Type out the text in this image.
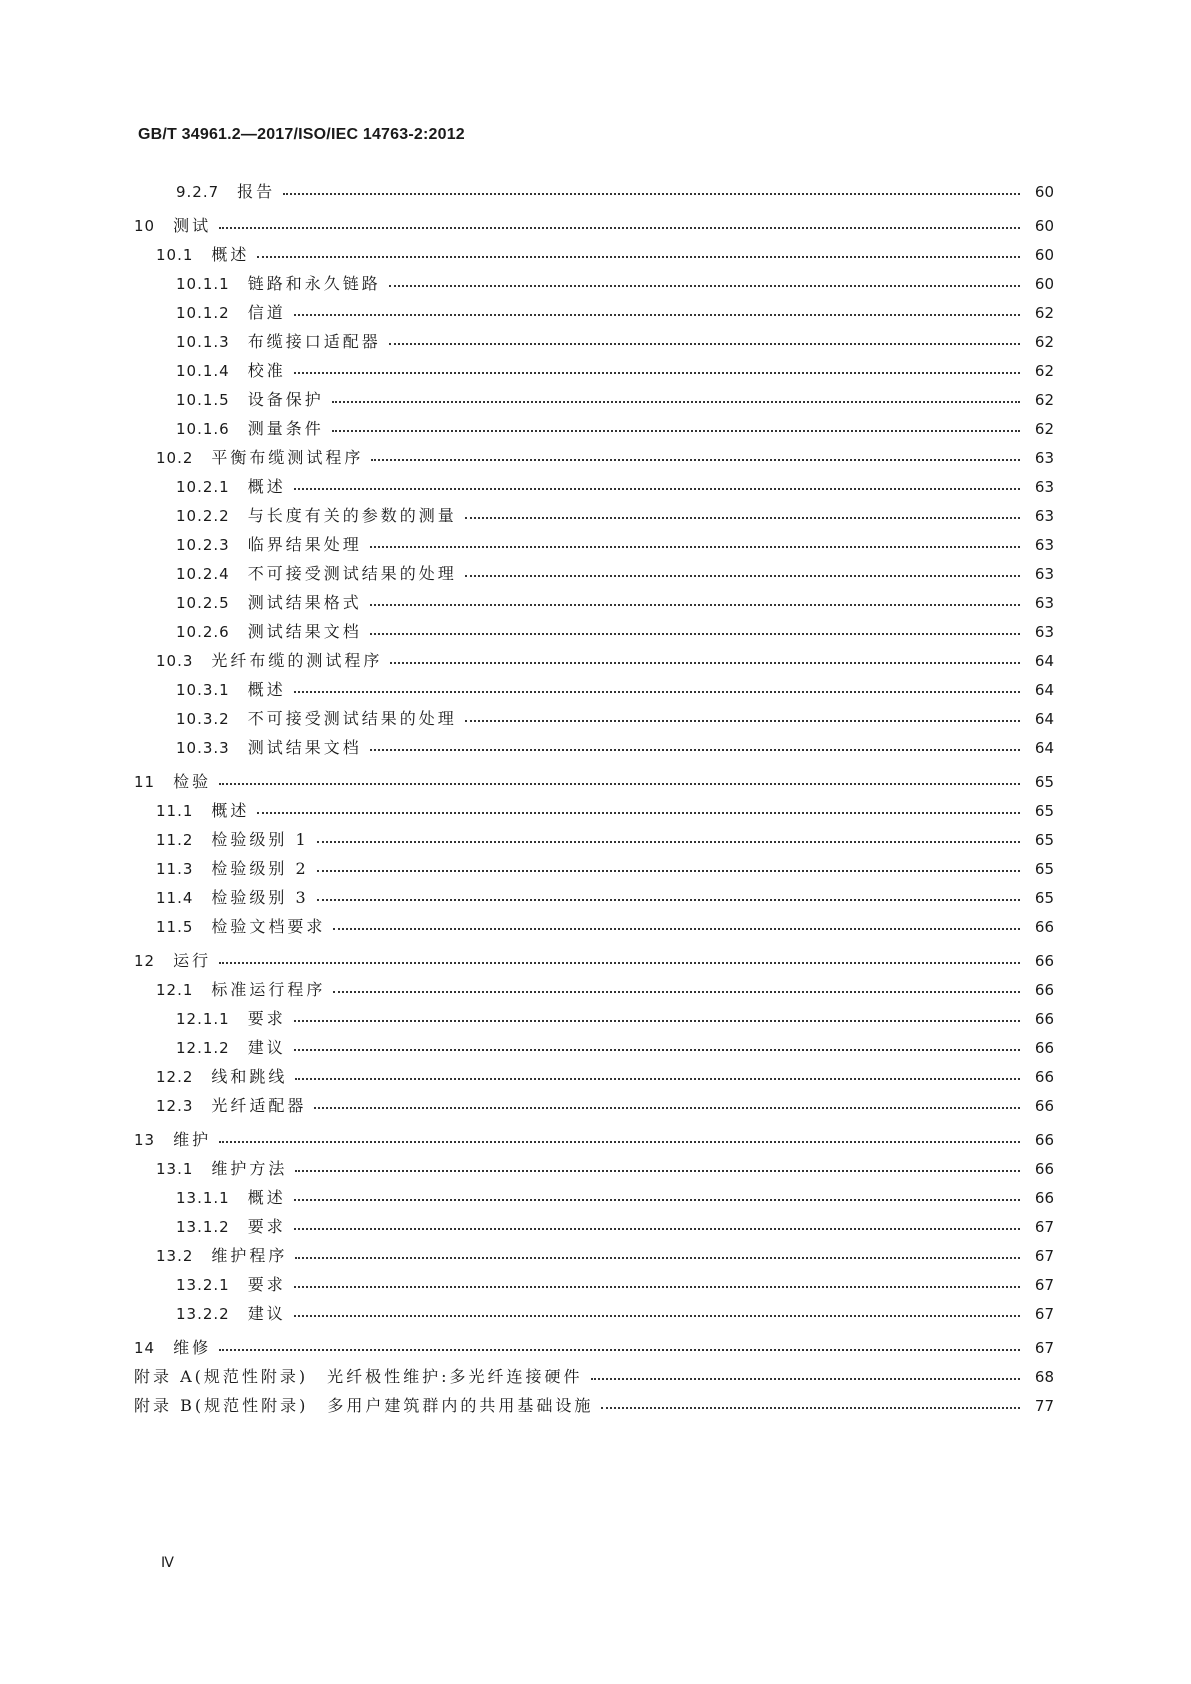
GB/T 34961.2—2017/ISO/IEC 14763-2:2012
9.2.7 报告	60
10 测试	60
10.1 概述	60
10.1.1 链路和永久链路	60
10.1.2 信道	62
10.1.3 布缆接口适配器	62
10.1.4 校准	62
10.1.5 设备保护	62
10.1.6 测量条件	62
10.2 平衡布缆测试程序	63
10.2.1 概述	63
10.2.2 与长度有关的参数的测量	63
10.2.3 临界结果处理	63
10.2.4 不可接受测试结果的处理	63
10.2.5 测试结果格式	63
10.2.6 测试结果文档	63
10.3 光纤布缆的测试程序	64
10.3.1 概述	64
10.3.2 不可接受测试结果的处理	64
10.3.3 测试结果文档	64
11 检验	65
11.1 概述	65
11.2 检验级别 1	65
11.3 检验级别 2	65
11.4 检验级别 3	65
11.5 检验文档要求	66
12 运行	66
12.1 标准运行程序	66
12.1.1 要求	66
12.1.2 建议	66
12.2 线和跳线	66
12.3 光纤适配器	66
13 维护	66
13.1 维护方法	66
13.1.1 概述	66
13.1.2 要求	67
13.2 维护程序	67
13.2.1 要求	67
13.2.2 建议	67
14 维修	67
附录 A(规范性附录)　光纤极性维护:多光纤连接硬件	68
附录 B(规范性附录)　多用户建筑群内的共用基础设施	77
Ⅳ
